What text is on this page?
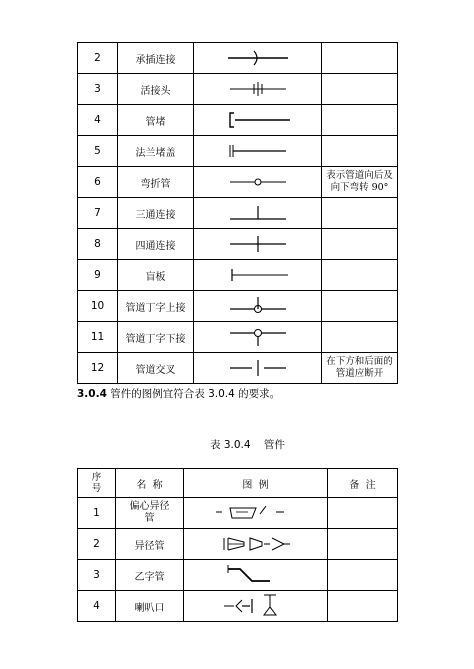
2	承插连接	

3	活接头	

4	管堵	

5	法兰堵盖	

6	弯折管		表示管道向后及
向下弯转 90°

7	三通连接	

8	四通连接	

9	盲板	

10	管道丁字上接	

11	管道丁字下接	

12	管道交叉		在下方和后面的
管道应断开
3.0.4 管件的图例宜符合表 3.0.4 的要求。
表 3.0.4    管件
序
号	名  称	图  例	备  注
1	偏心异径
管

2	异径管	

3	乙字管	

4	喇叭口	
